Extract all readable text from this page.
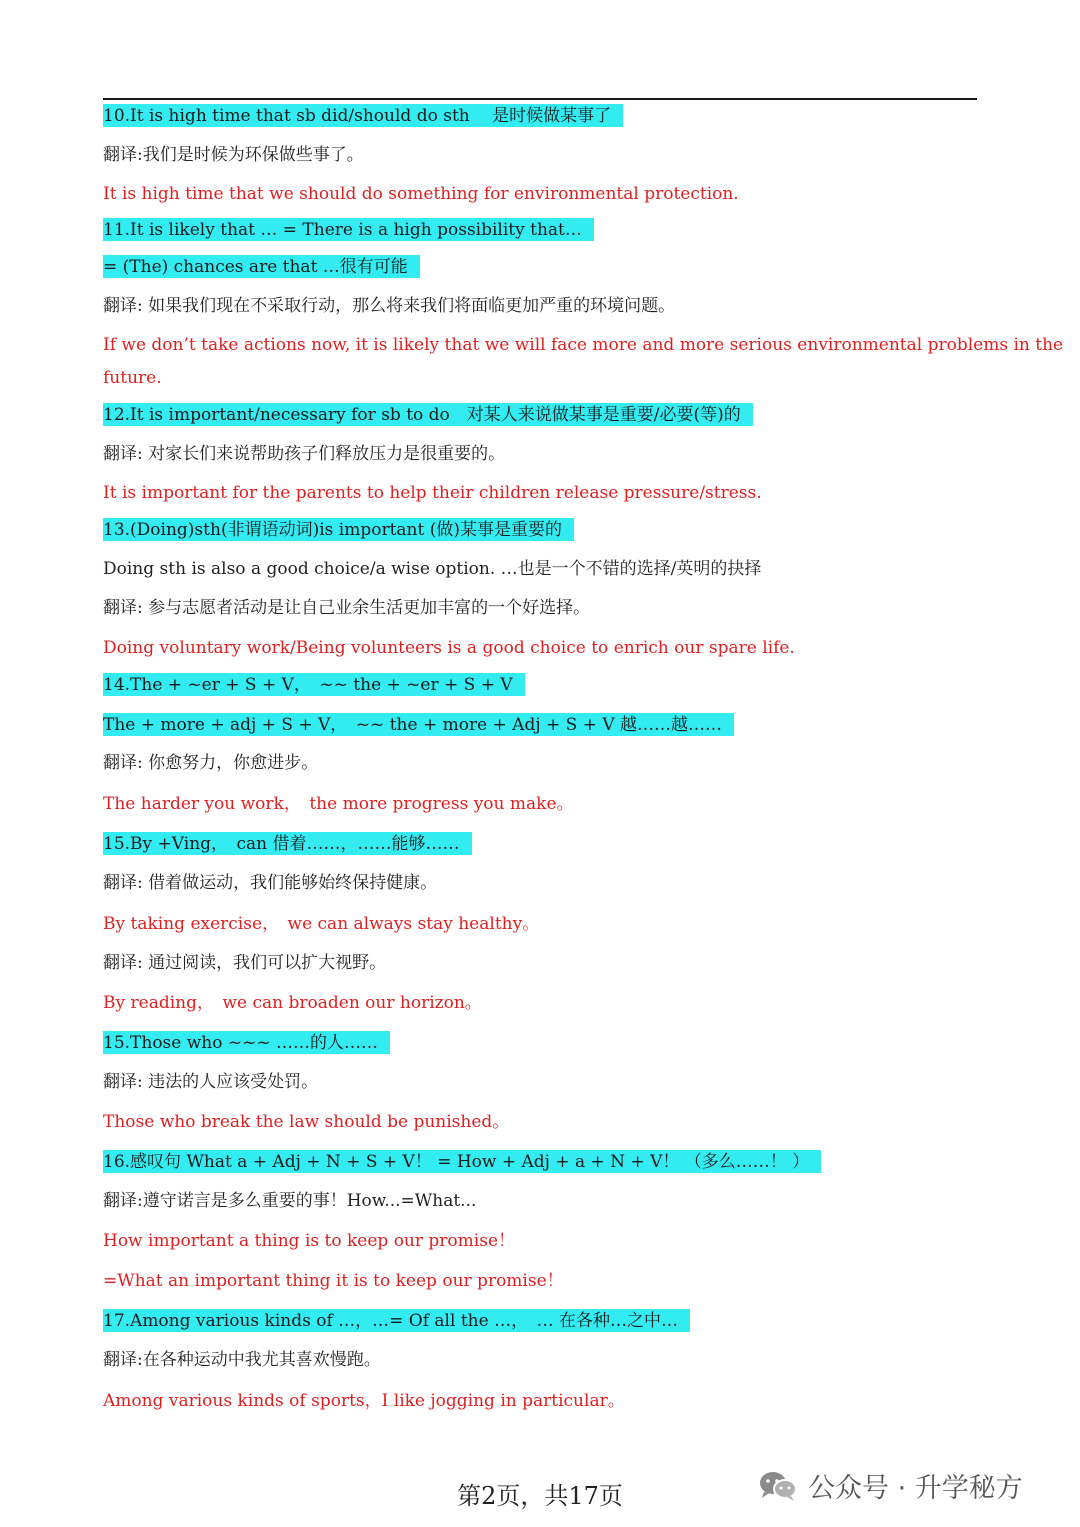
10.It is high time that sb did/should do sth　 是时候做某事了
翻译:我们是时候为环保做些事了。
It is high time that we should do something for environmental protection.
11.It is likely that … = There is a high possibility that…
= (The) chances are that …很有可能
翻译: 如果我们现在不采取行动，那么将来我们将面临更加严重的环境问题。
If we don’t take actions now, it is likely that we will face more and more serious environmental problems in the
future.
12.It is important/necessary for sb to do　对某人来说做某事是重要/必要(等)的
翻译: 对家长们来说帮助孩子们释放压力是很重要的。
It is important for the parents to help their children release pressure/stress.
13.(Doing)sth(非谓语动词)is important (做)某事是重要的
Doing sth is also a good choice/a wise option. …也是一个不错的选择/英明的抉择
翻译: 参与志愿者活动是让自己业余生活更加丰富的一个好选择。
Doing voluntary work/Being volunteers is a good choice to enrich our spare life.
14.The + ~er + S + V，　~~ the + ~er + S + V
The + more + adj + S + V，　~~ the + more + Adj + S + V 越……越……
翻译: 你愈努力，你愈进步。
The harder you work，　the more progress you make。
15.By +Ving，　can 借着……，……能够……
翻译: 借着做运动，我们能够始终保持健康。
By taking exercise，　we can always stay healthy。
翻译: 通过阅读，我们可以扩大视野。
By reading，　we can broaden our horizon。
15.Those who ~~~ ……的人……
翻译: 违法的人应该受处罚。
Those who break the law should be punished。
16.感叹句 What a + Adj + N + S + V！ = How + Adj + a + N + V！ （多么……！ ）
翻译:遵守诺言是多么重要的事！How...=What...
How important a thing is to keep our promise！
=What an important thing it is to keep our promise！
17.Among various kinds of …，…= Of all the …，　… 在各种…之中…
翻译:在各种运动中我尤其喜欢慢跑。
Among various kinds of sports，I like jogging in particular。
第2页，共17页	公众号 · 升学秘方
